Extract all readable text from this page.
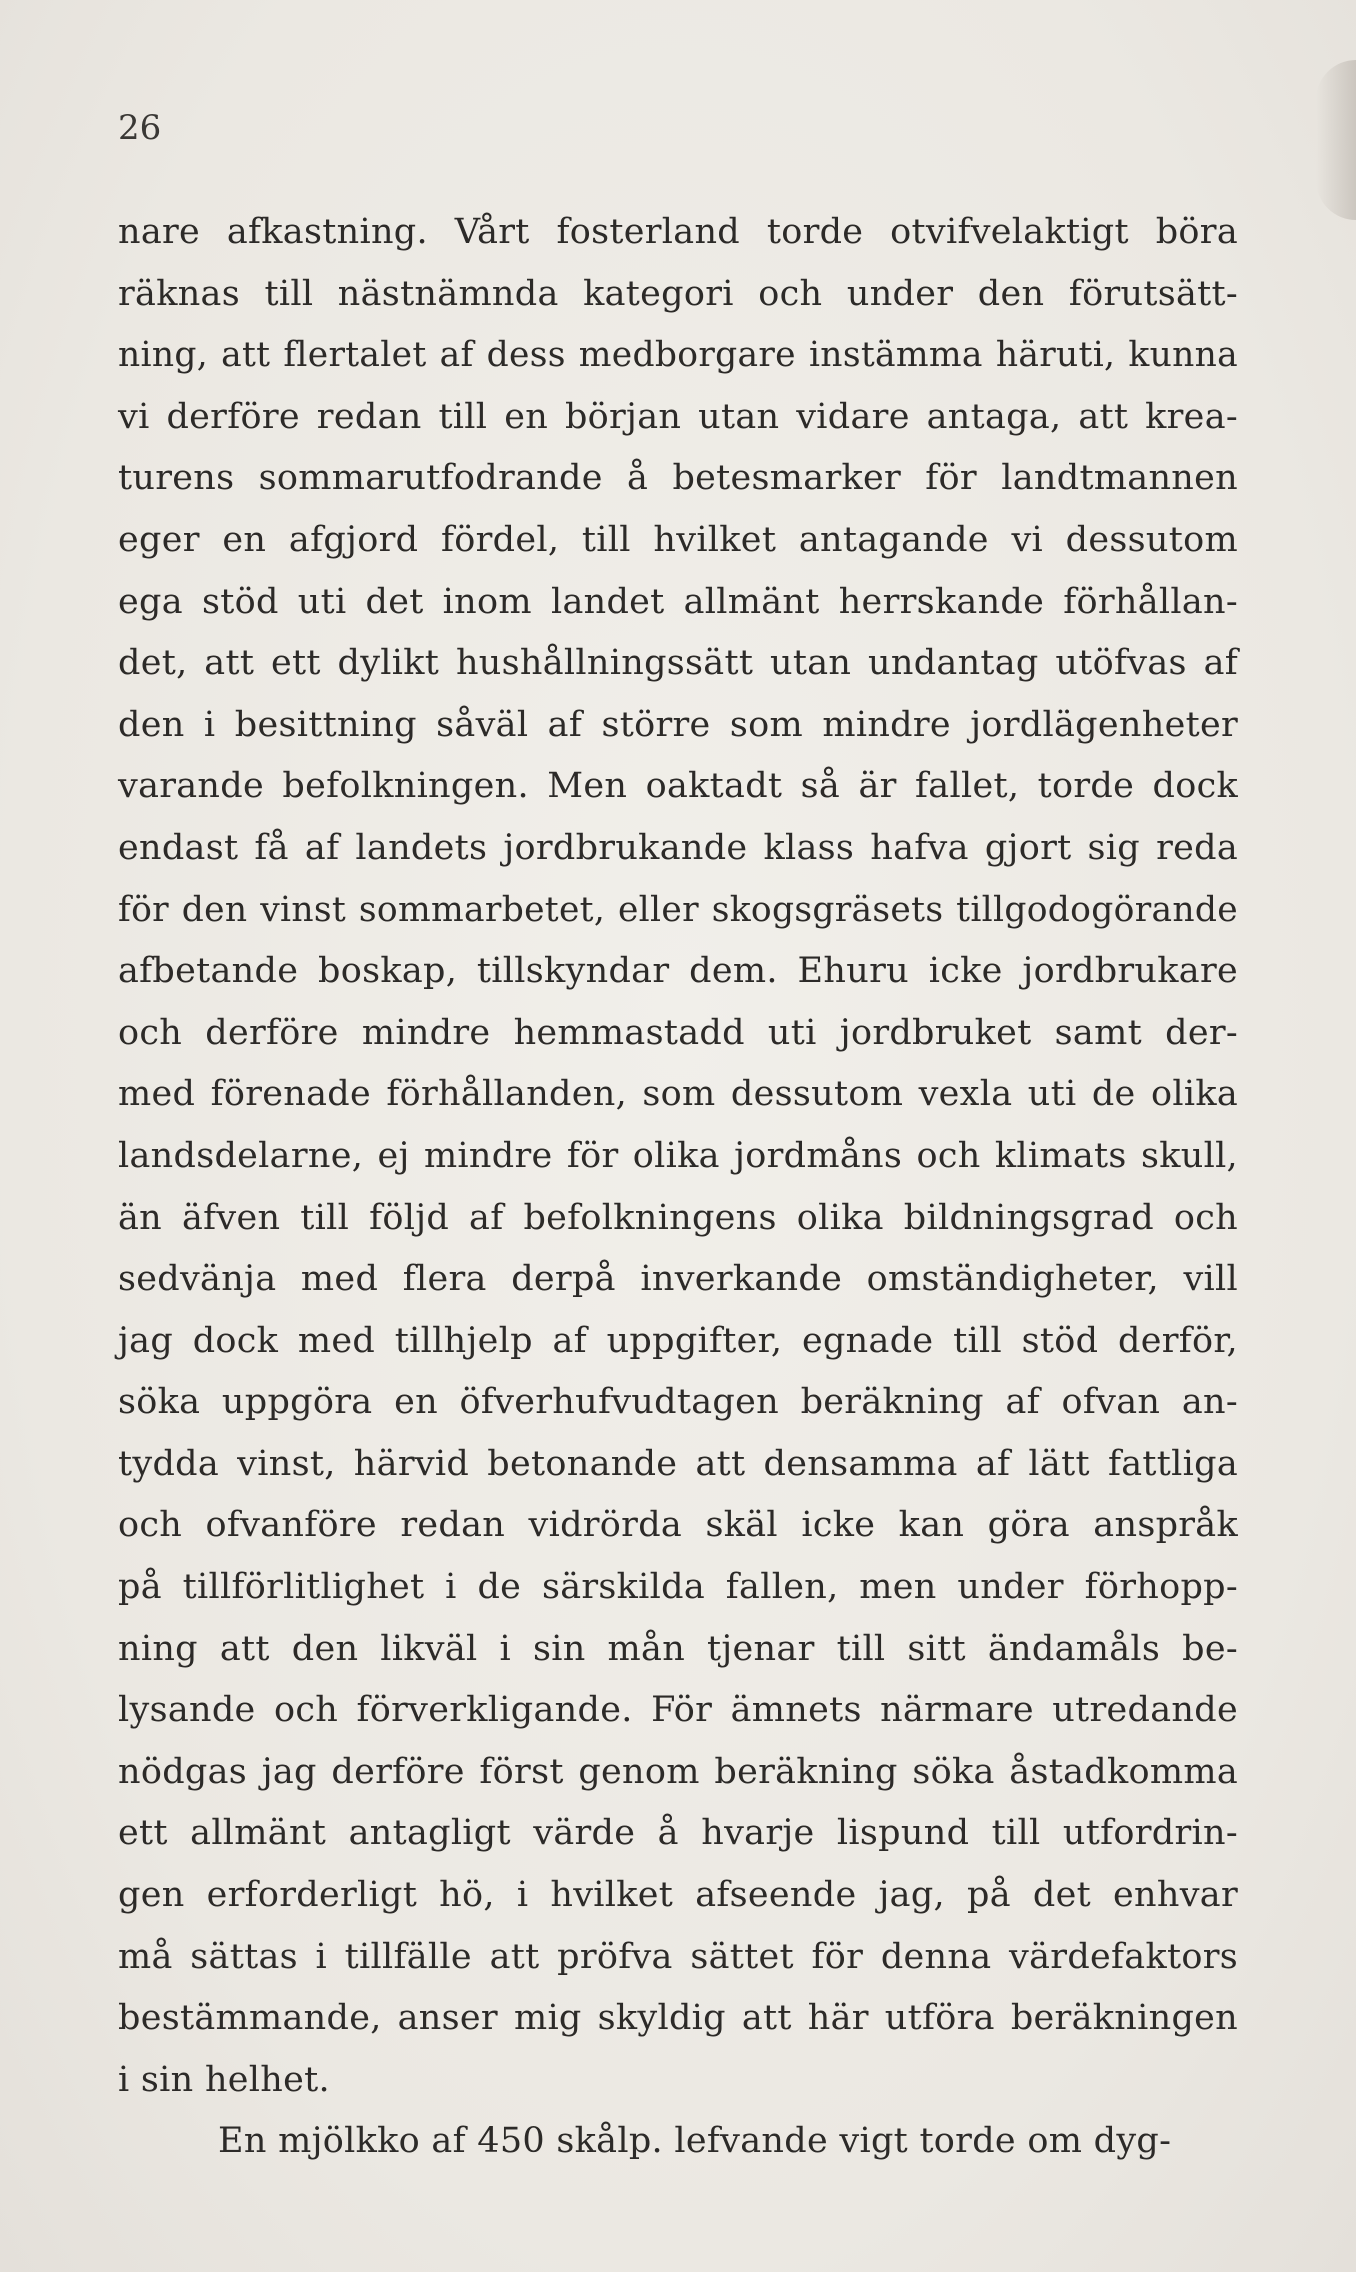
26
nare afkastning. Vårt fosterland torde otvifvelaktigt böra
räknas till nästnämnda kategori och under den förutsätt-
ning, att flertalet af dess medborgare instämma häruti, kunna
vi derföre redan till en början utan vidare antaga, att krea-
turens sommarutfodrande å betesmarker för landtmannen
eger en afgjord fördel, till hvilket antagande vi dessutom
ega stöd uti det inom landet allmänt herrskande förhållan-
det, att ett dylikt hushållningssätt utan undantag utöfvas af
den i besittning såväl af större som mindre jordlägenheter
varande befolkningen. Men oaktadt så är fallet, torde dock
endast få af landets jordbrukande klass hafva gjort sig reda
för den vinst sommarbetet, eller skogsgräsets tillgodogörande
afbetande boskap, tillskyndar dem. Ehuru icke jordbrukare
och derföre mindre hemmastadd uti jordbruket samt der-
med förenade förhållanden, som dessutom vexla uti de olika
landsdelarne, ej mindre för olika jordmåns och klimats skull,
än äfven till följd af befolkningens olika bildningsgrad och
sedvänja med flera derpå inverkande omständigheter, vill
jag dock med tillhjelp af uppgifter, egnade till stöd derför,
söka uppgöra en öfverhufvudtagen beräkning af ofvan an-
tydda vinst, härvid betonande att densamma af lätt fattliga
och ofvanföre redan vidrörda skäl icke kan göra anspråk
på tillförlitlighet i de särskilda fallen, men under förhopp-
ning att den likväl i sin mån tjenar till sitt ändamåls be-
lysande och förverkligande. För ämnets närmare utredande
nödgas jag derföre först genom beräkning söka åstadkomma
ett allmänt antagligt värde å hvarje lispund till utfordrin-
gen erforderligt hö, i hvilket afseende jag, på det enhvar
må sättas i tillfälle att pröfva sättet för denna värdefaktors
bestämmande, anser mig skyldig att här utföra beräkningen
i sin helhet.
En mjölkko af 450 skålp. lefvande vigt torde om dyg-
